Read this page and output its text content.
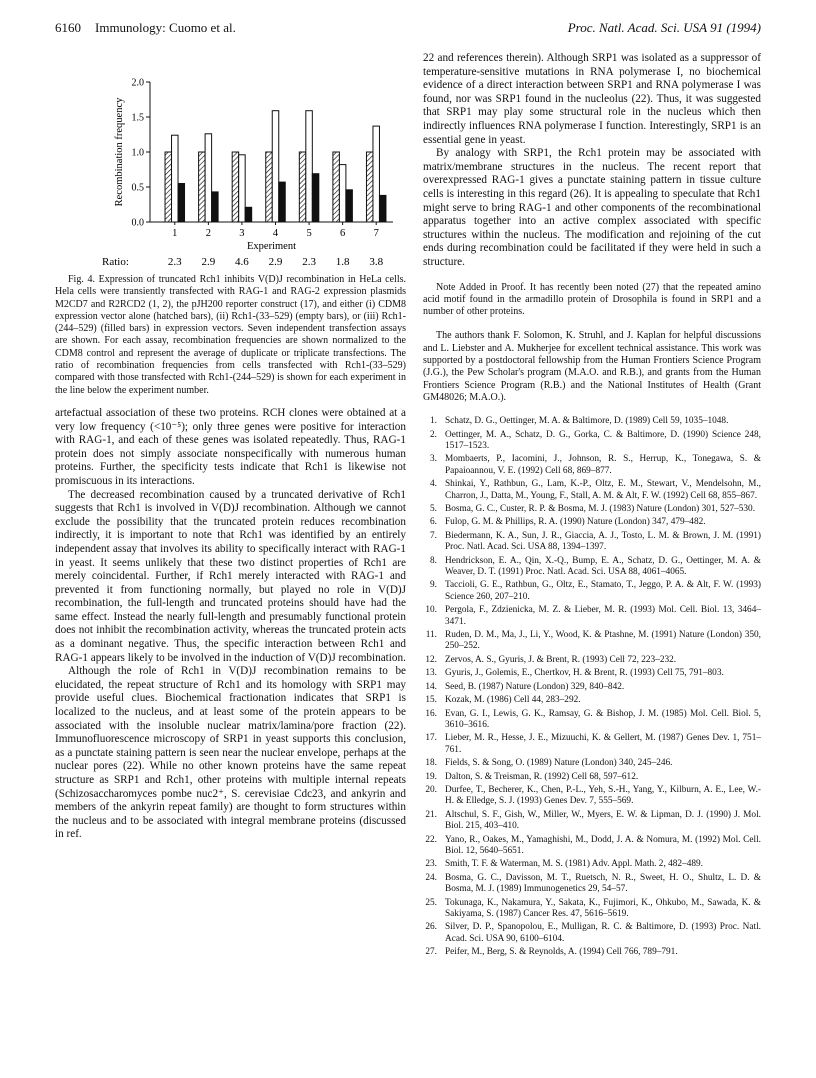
6160 Immunology: Cuomo et al.	Proc. Natl. Acad. Sci. USA 91 (1994)
0.0
0.5
1.0
1.5
2.0
Recombination frequency
1
2.3
2
2.9
3
4.6
4
2.9
5
2.3
6
1.8
7
3.8
Experiment
Ratio:

Fig. 4. Expression of truncated Rch1 inhibits V(D)J recombination in HeLa cells. Hela cells were transiently transfected with RAG-1 and RAG-2 expression plasmids M2CD7 and R2RCD2 (1, 2), the pJH200 reporter construct (17), and either (i) CDM8 expression vector alone (hatched bars), (ii) Rch1-(33–529) (empty bars), or (iii) Rch1-(244–529) (filled bars) in expression vectors. Seven independent transfection assays are shown. For each assay, recombination frequencies are shown normalized to the CDM8 control and represent the average of duplicate or triplicate transfections. The ratio of recombination frequencies from cells transfected with Rch1-(33–529) compared with those transfected with Rch1-(244–529) is shown for each experiment in the line below the experiment number.

artefactual association of these two proteins. RCH clones were obtained at a very low frequency (<10⁻⁵); only three genes were positive for interaction with RAG-1, and each of these genes was isolated repeatedly. Thus, RAG-1 protein does not simply associate nonspecifically with numerous human proteins. Further, the specificity tests indicate that Rch1 is likewise not promiscuous in its interactions.

The decreased recombination caused by a truncated derivative of Rch1 suggests that Rch1 is involved in V(D)J recombination. Although we cannot exclude the possibility that the truncated protein reduces recombination indirectly, it is important to note that Rch1 was identified by an entirely independent assay that involves its ability to specifically interact with RAG-1 in yeast. It seems unlikely that these two distinct properties of Rch1 are merely coincidental. Further, if Rch1 merely interacted with RAG-1 and prevented it from functioning normally, but played no role in V(D)J recombination, the full-length and truncated proteins should have had the same effect. Instead the nearly full-length and presumably functional protein does not inhibit the recombination activity, whereas the truncated protein acts as a dominant negative. Thus, the specific interaction between Rch1 and RAG-1 appears likely to be involved in the induction of V(D)J recombination.

Although the role of Rch1 in V(D)J recombination remains to be elucidated, the repeat structure of Rch1 and its homology with SRP1 may provide useful clues. Biochemical fractionation indicates that SRP1 is localized to the nucleus, and at least some of the protein appears to be associated with the insoluble nuclear matrix/lamina/pore fraction (22). Immunofluorescence microscopy of SRP1 in yeast supports this conclusion, as a punctate staining pattern is seen near the nuclear envelope, perhaps at the nuclear pores (22). While no other known proteins have the same repeat structure as SRP1 and Rch1, other proteins with multiple internal repeats (Schizosaccharomyces pombe nuc2⁺, S. cerevisiae Cdc23, and ankyrin and members of the ankyrin repeat family) are thought to form structures within the nucleus and to be associated with integral membrane proteins (discussed in ref.

22 and references therein). Although SRP1 was isolated as a suppressor of temperature-sensitive mutations in RNA polymerase I, no biochemical evidence of a direct interaction between SRP1 and RNA polymerase I was found, nor was SRP1 found in the nucleolus (22). Thus, it was suggested that SRP1 may play some structural role in the nucleus which then indirectly influences RNA polymerase I function. Interestingly, SRP1 is an essential gene in yeast.

By analogy with SRP1, the Rch1 protein may be associated with matrix/membrane structures in the nucleus. The recent report that overexpressed RAG-1 gives a punctate staining pattern in tissue culture cells is interesting in this regard (26). It is appealing to speculate that Rch1 might serve to bring RAG-1 and other components of the recombinational apparatus together into an active complex associated with specific structures within the nucleus. The modification and rejoining of the cut ends during recombination could be facilitated if they were held in such a structure.

Note Added in Proof. It has recently been noted (27) that the repeated amino acid motif found in the armadillo protein of Drosophila is found in SRP1 and a number of other proteins.

The authors thank F. Solomon, K. Struhl, and J. Kaplan for helpful discussions and L. Liebster and A. Mukherjee for excellent technical assistance. This work was supported by a postdoctoral fellowship from the Human Frontiers Science Program (J.G.), the Pew Scholar's program (M.A.O. and R.B.), and grants from the Human Frontiers Science Program (R.B.) and the National Institutes of Health (Grant GM48026; M.A.O.).

1. Schatz, D. G., Oettinger, M. A. & Baltimore, D. (1989) Cell 59, 1035–1048.
2. Oettinger, M. A., Schatz, D. G., Gorka, C. & Baltimore, D. (1990) Science 248, 1517–1523.
3. Mombaerts, P., Iacomini, J., Johnson, R. S., Herrup, K., Tonegawa, S. & Papaioannou, V. E. (1992) Cell 68, 869–877.
4. Shinkai, Y., Rathbun, G., Lam, K.-P., Oltz, E. M., Stewart, V., Mendelsohn, M., Charron, J., Datta, M., Young, F., Stall, A. M. & Alt, F. W. (1992) Cell 68, 855–867.
5. Bosma, G. C., Custer, R. P. & Bosma, M. J. (1983) Nature (London) 301, 527–530.
6. Fulop, G. M. & Phillips, R. A. (1990) Nature (London) 347, 479–482.
7. Biedermann, K. A., Sun, J. R., Giaccia, A. J., Tosto, L. M. & Brown, J. M. (1991) Proc. Natl. Acad. Sci. USA 88, 1394–1397.
8. Hendrickson, E. A., Qin, X.-Q., Bump, E. A., Schatz, D. G., Oettinger, M. A. & Weaver, D. T. (1991) Proc. Natl. Acad. Sci. USA 88, 4061–4065.
9. Taccioli, G. E., Rathbun, G., Oltz, E., Stamato, T., Jeggo, P. A. & Alt, F. W. (1993) Science 260, 207–210.
10. Pergola, F., Zdzienicka, M. Z. & Lieber, M. R. (1993) Mol. Cell. Biol. 13, 3464–3471.
11. Ruden, D. M., Ma, J., Li, Y., Wood, K. & Ptashne, M. (1991) Nature (London) 350, 250–252.
12. Zervos, A. S., Gyuris, J. & Brent, R. (1993) Cell 72, 223–232.
13. Gyuris, J., Golemis, E., Chertkov, H. & Brent, R. (1993) Cell 75, 791–803.
14. Seed, B. (1987) Nature (London) 329, 840–842.
15. Kozak, M. (1986) Cell 44, 283–292.
16. Evan, G. I., Lewis, G. K., Ramsay, G. & Bishop, J. M. (1985) Mol. Cell. Biol. 5, 3610–3616.
17. Lieber, M. R., Hesse, J. E., Mizuuchi, K. & Gellert, M. (1987) Genes Dev. 1, 751–761.
18. Fields, S. & Song, O. (1989) Nature (London) 340, 245–246.
19. Dalton, S. & Treisman, R. (1992) Cell 68, 597–612.
20. Durfee, T., Becherer, K., Chen, P.-L., Yeh, S.-H., Yang, Y., Kilburn, A. E., Lee, W.-H. & Elledge, S. J. (1993) Genes Dev. 7, 555–569.
21. Altschul, S. F., Gish, W., Miller, W., Myers, E. W. & Lipman, D. J. (1990) J. Mol. Biol. 215, 403–410.
22. Yano, R., Oakes, M., Yamaghishi, M., Dodd, J. A. & Nomura, M. (1992) Mol. Cell. Biol. 12, 5640–5651.
23. Smith, T. F. & Waterman, M. S. (1981) Adv. Appl. Math. 2, 482–489.
24. Bosma, G. C., Davisson, M. T., Ruetsch, N. R., Sweet, H. O., Shultz, L. D. & Bosma, M. J. (1989) Immunogenetics 29, 54–57.
25. Tokunaga, K., Nakamura, Y., Sakata, K., Fujimori, K., Ohkubo, M., Sawada, K. & Sakiyama, S. (1987) Cancer Res. 47, 5616–5619.
26. Silver, D. P., Spanopolou, E., Mulligan, R. C. & Baltimore, D. (1993) Proc. Natl. Acad. Sci. USA 90, 6100–6104.
27. Peifer, M., Berg, S. & Reynolds, A. (1994) Cell 766, 789–791.
